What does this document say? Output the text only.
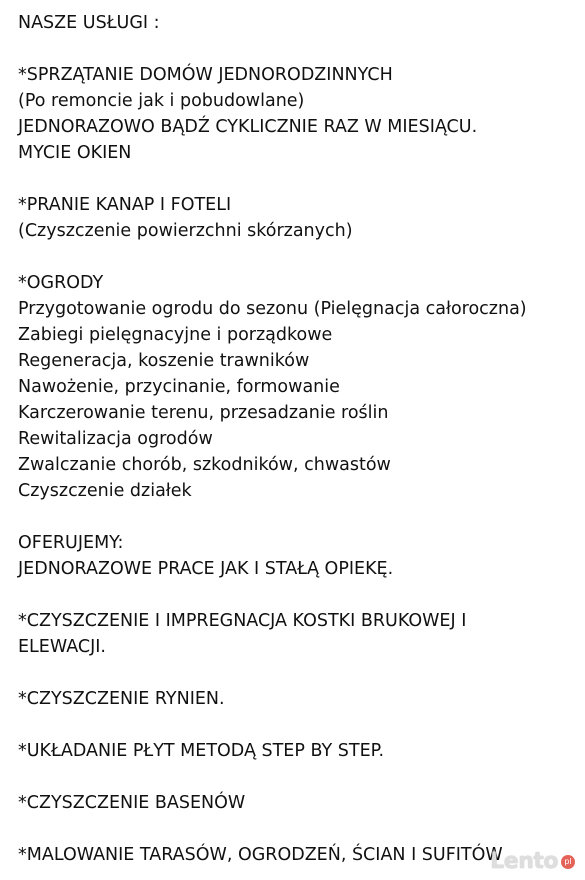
NASZE USŁUGI :
*SPRZĄTANIE DOMÓW JEDNORODZINNYCH
(Po remoncie jak i pobudowlane)
JEDNORAZOWO BĄDŹ CYKLICZNIE RAZ W MIESIĄCU.
MYCIE OKIEN
*PRANIE KANAP I FOTELI
(Czyszczenie powierzchni skórzanych)
*OGRODY
Przygotowanie ogrodu do sezonu (Pielęgnacja całoroczna)
Zabiegi pielęgnacyjne i porządkowe
Regeneracja, koszenie trawników
Nawożenie, przycinanie, formowanie
Karczerowanie terenu, przesadzanie roślin
Rewitalizacja ogrodów
Zwalczanie chorób, szkodników, chwastów
Czyszczenie działek
OFERUJEMY:
JEDNORAZOWE PRACE JAK I STAŁĄ OPIEKĘ.
*CZYSZCZENIE I IMPREGNACJA KOSTKI BRUKOWEJ I
ELEWACJI.
*CZYSZCZENIE RYNIEN.
*UKŁADANIE PŁYT METODĄ STEP BY STEP.
*CZYSZCZENIE BASENÓW
*MALOWANIE TARASÓW, OGRODZEŃ, ŚCIAN I SUFITÓW
Lento pl
